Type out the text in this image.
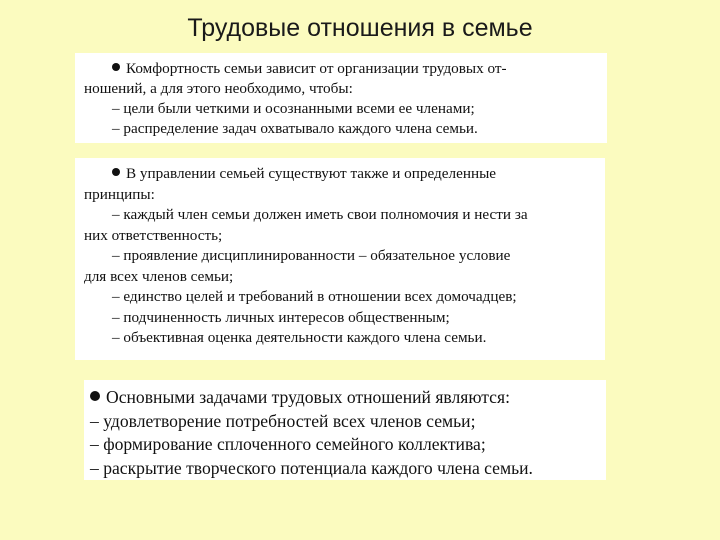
Трудовые отношения в семье

Комфортность семьи зависит от организации трудовых от-

ношений, а для этого необходимо, чтобы:

– цели были четкими и осознанными всеми ее членами;

– распределение задач охватывало каждого члена семьи.

В управлении семьей существуют также и определенные

принципы:

– каждый член семьи должен иметь свои полномочия и нести за

них ответственность;

– проявление дисциплинированности – обязательное условие

для всех членов семьи;

– единство целей и требований в отношении всех домочадцев;

– подчиненность личных интересов общественным;

– объективная оценка деятельности каждого члена семьи.

Основными задачами трудовых отношений являются:

– удовлетворение потребностей всех членов семьи;

– формирование сплоченного семейного коллектива;

– раскрытие творческого потенциала каждого члена семьи.
